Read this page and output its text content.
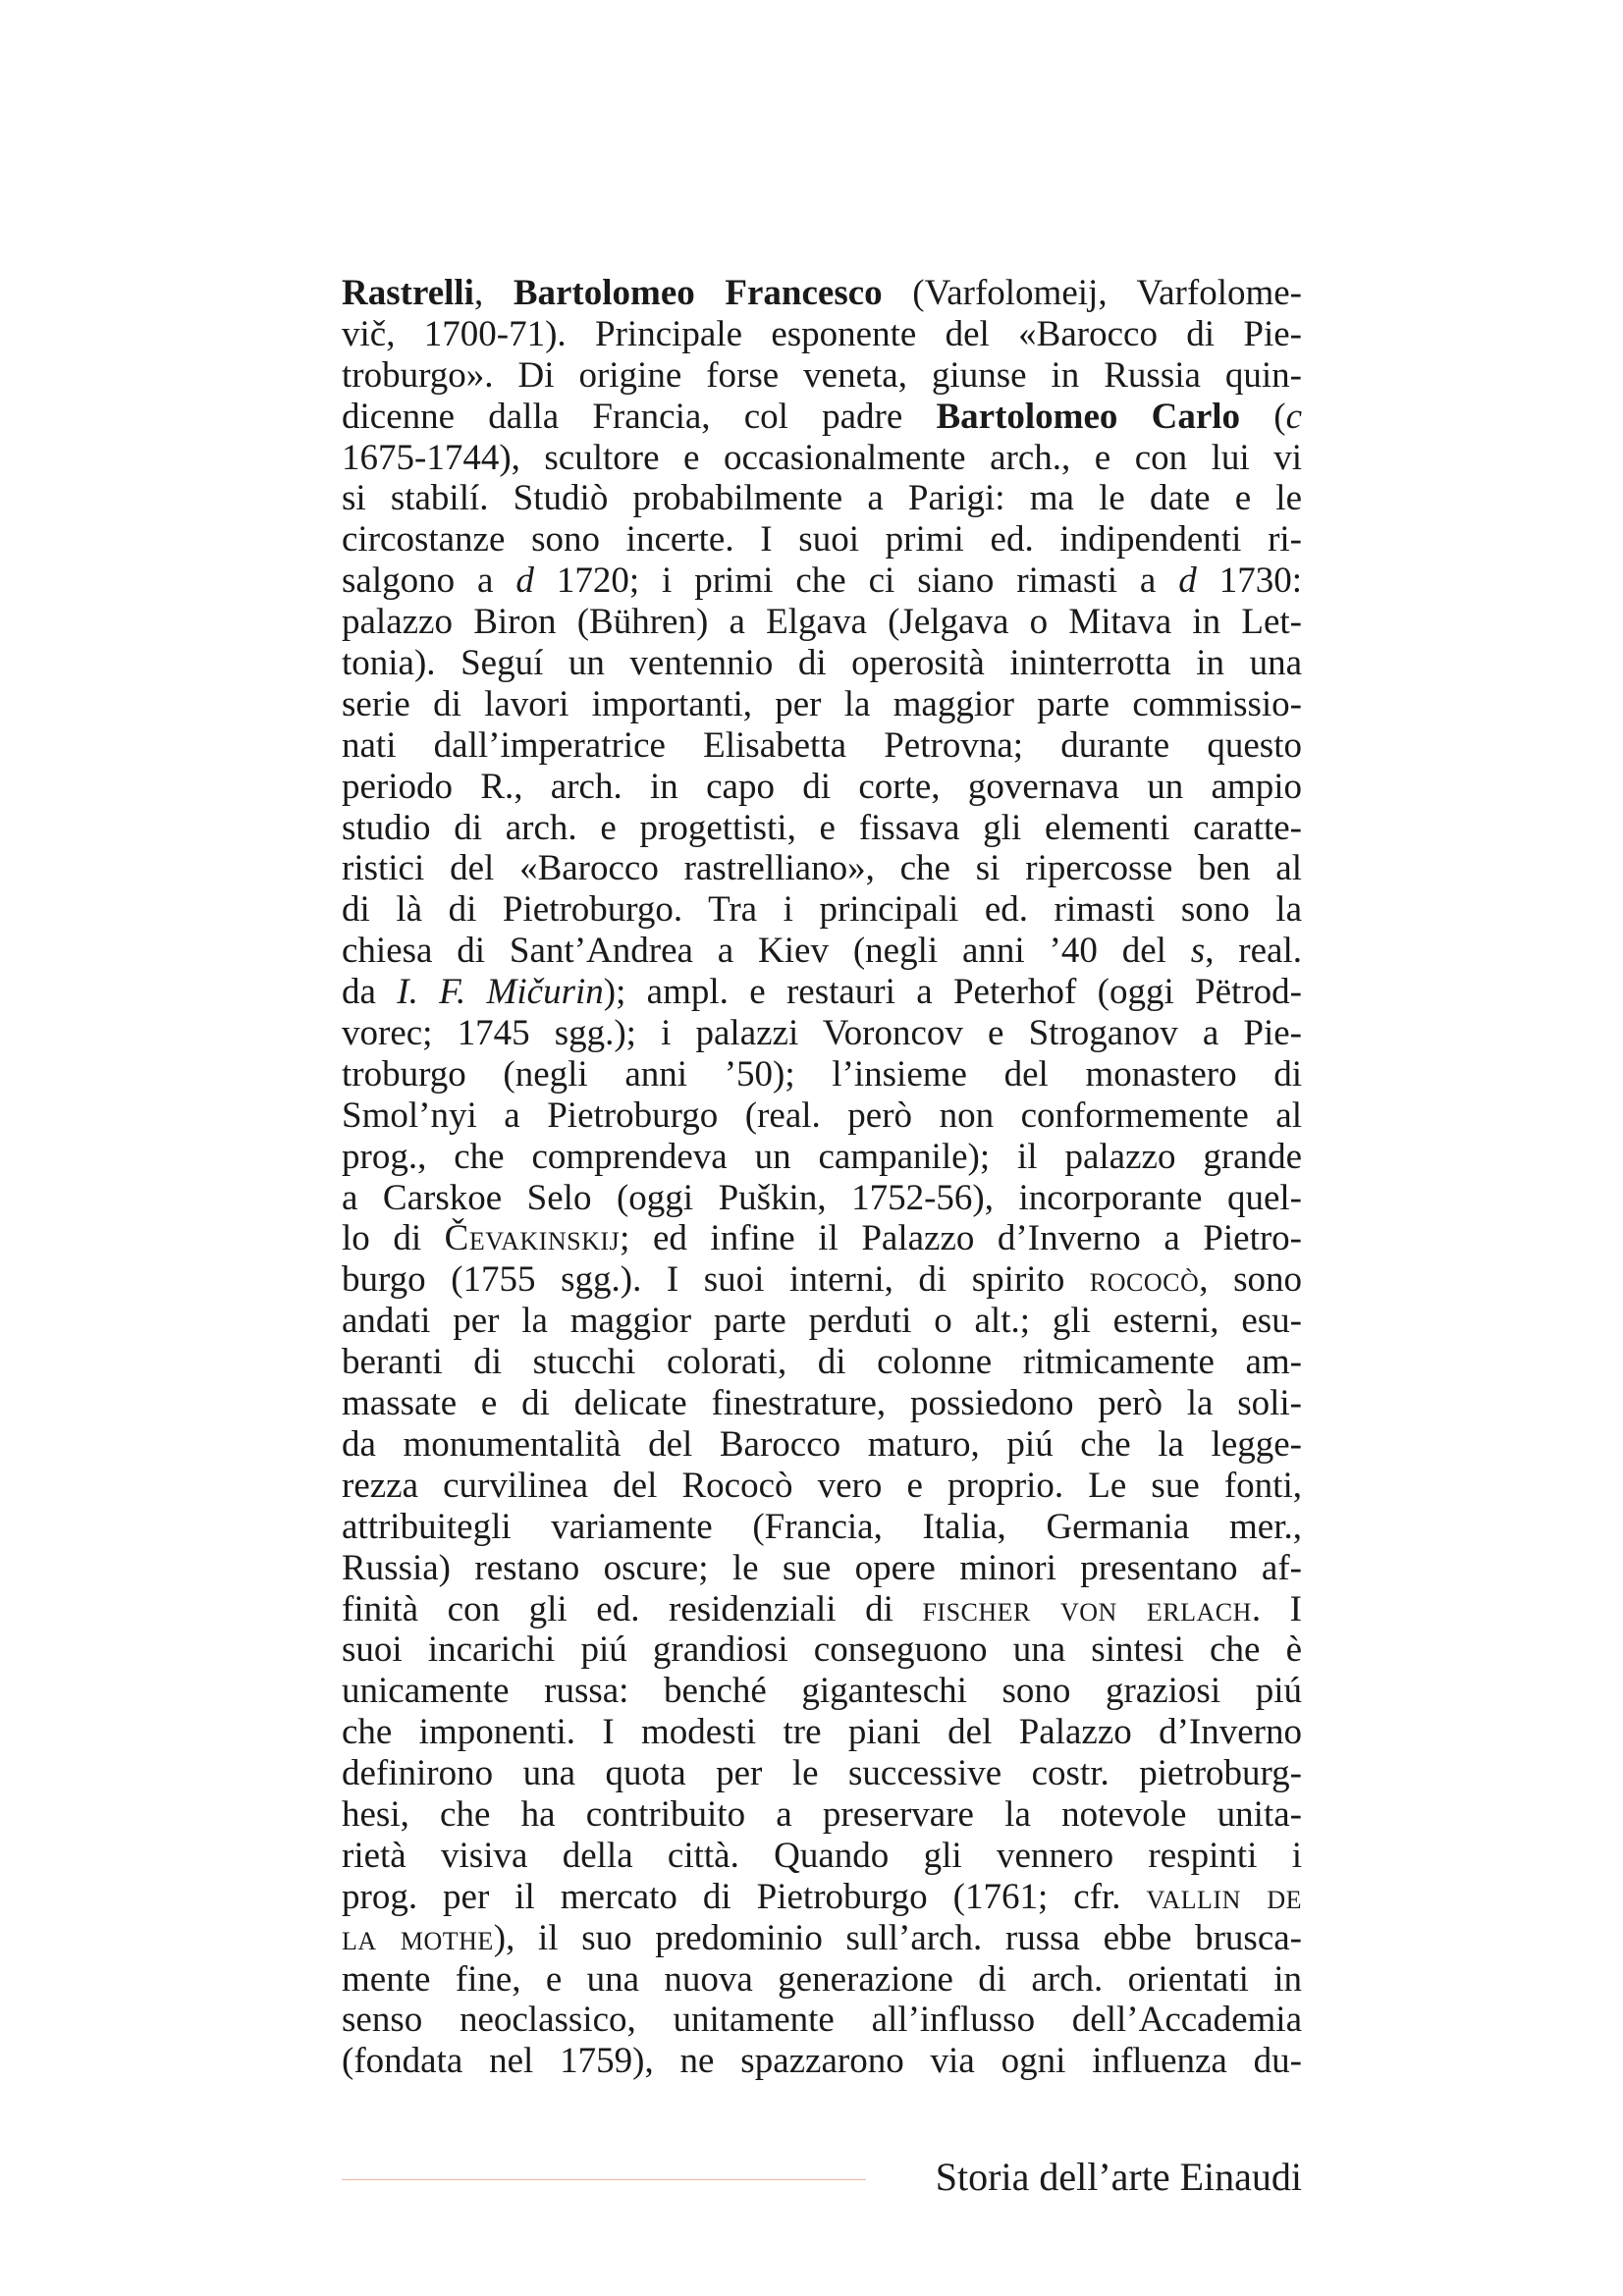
Rastrelli, Bartolomeo Francesco (Varfolomeij, Varfolome-
vič, 1700-71). Principale esponente del «Barocco di Pie-
troburgo». Di origine forse veneta, giunse in Russia quin-
dicenne dalla Francia, col padre Bartolomeo Carlo (c
1675-1744), scultore e occasionalmente arch., e con lui vi
si stabilí. Studiò probabilmente a Parigi: ma le date e le
circostanze sono incerte. I suoi primi ed. indipendenti ri-
salgono a d 1720; i primi che ci siano rimasti a d 1730:
palazzo Biron (Bühren) a Elgava (Jelgava o Mitava in Let-
tonia). Seguí un ventennio di operosità ininterrotta in una
serie di lavori importanti, per la maggior parte commissio-
nati dall’imperatrice Elisabetta Petrovna; durante questo
periodo R., arch. in capo di corte, governava un ampio
studio di arch. e progettisti, e fissava gli elementi caratte-
ristici del «Barocco rastrelliano», che si ripercosse ben al
di là di Pietroburgo. Tra i principali ed. rimasti sono la
chiesa di Sant’Andrea a Kiev (negli anni ’40 del s, real.
da I. F. Mičurin); ampl. e restauri a Peterhof (oggi Pëtrod-
vorec; 1745 sgg.); i palazzi Voroncov e Stroganov a Pie-
troburgo (negli anni ’50); l’insieme del monastero di
Smol’nyi a Pietroburgo (real. però non conformemente al
prog., che comprendeva un campanile); il palazzo grande
a Carskoe Selo (oggi Puškin, 1752-56), incorporante quel-
lo di Čevakinskij; ed infine il Palazzo d’Inverno a Pietro-
burgo (1755 sgg.). I suoi interni, di spirito rococò, sono
andati per la maggior parte perduti o alt.; gli esterni, esu-
beranti di stucchi colorati, di colonne ritmicamente am-
massate e di delicate finestrature, possiedono però la soli-
da monumentalità del Barocco maturo, piú che la legge-
rezza curvilinea del Rococò vero e proprio. Le sue fonti,
attribuitegli variamente (Francia, Italia, Germania mer.,
Russia) restano oscure; le sue opere minori presentano af-
finità con gli ed. residenziali di fischer von erlach. I
suoi incarichi piú grandiosi conseguono una sintesi che è
unicamente russa: benché giganteschi sono graziosi piú
che imponenti. I modesti tre piani del Palazzo d’Inverno
definirono una quota per le successive costr. pietroburg-
hesi, che ha contribuito a preservare la notevole unita-
rietà visiva della città. Quando gli vennero respinti i
prog. per il mercato di Pietroburgo (1761; cfr. vallin de
la mothe), il suo predominio sull’arch. russa ebbe brusca-
mente fine, e una nuova generazione di arch. orientati in
senso neoclassico, unitamente all’influsso dell’Accademia
(fondata nel 1759), ne spazzarono via ogni influenza du-
Storia dell’arte Einaudi
